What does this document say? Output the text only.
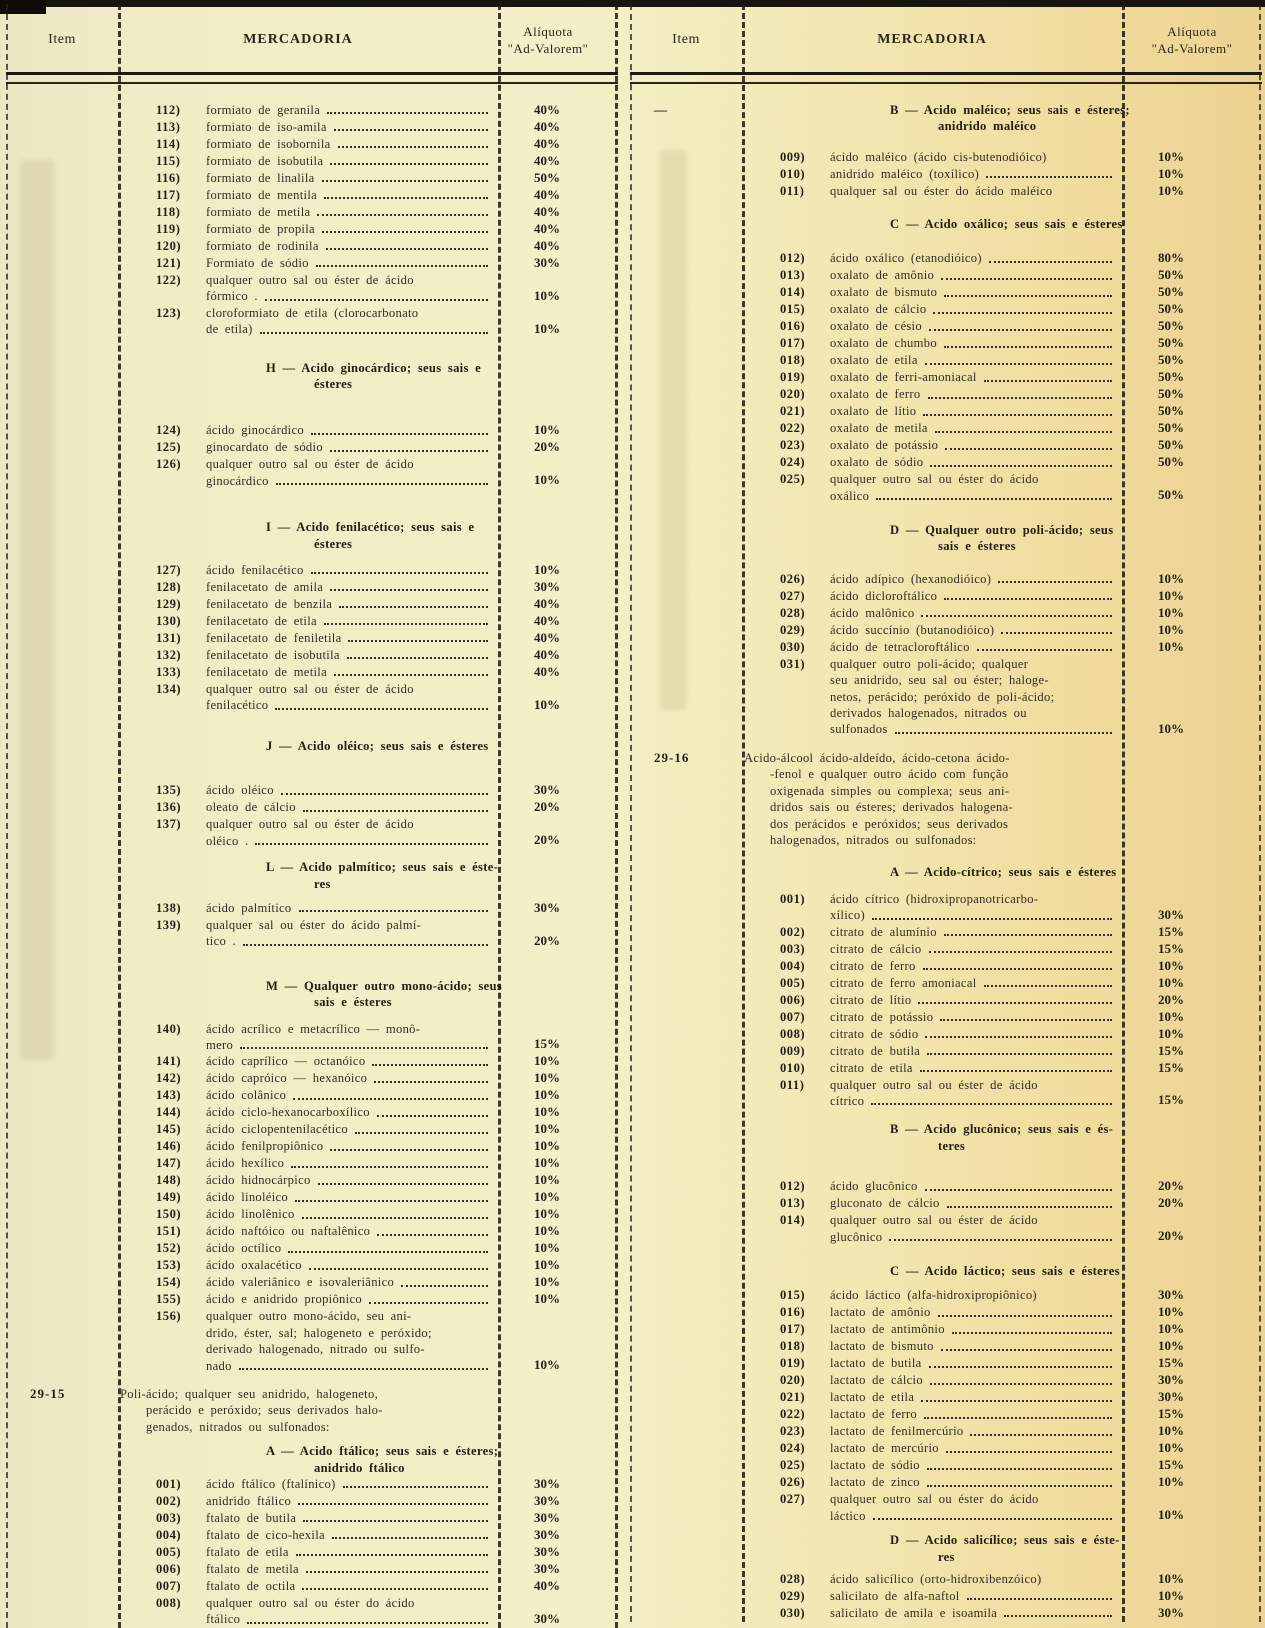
Item	MERCADORIA
Alíquota
"Ad-Valorem"
112)	formiato de geranila	40%
113)	formiato de iso-amila	40%
114)	formiato de isobornila	40%
115)	formiato de isobutila	40%
116)	formiato de linalila	50%
117)	formiato de mentila	40%
118)	formiato de metila	40%
119)	formiato de propila	40%
120)	formiato de rodinila	40%
121)	Formiato de sódio	30%
122)	qualquer outro sal ou éster de ácido
fórmico .	10%
123)	cloroformiato de etila (clorocarbonato
de etila)	10%
H — Acido ginocárdico; seus sais e
ésteres
124)	ácido ginocárdico	10%
125)	ginocardato de sódio	20%
126)	qualquer outro sal ou éster de ácido
ginocárdico	10%
I — Acido fenilacético; seus sais e
ésteres
127)	ácido fenilacético	10%
128)	fenilacetato de amila	30%
129)	fenilacetato de benzila	40%
130)	fenilacetato de etila	40%
131)	fenilacetato de feniletila	40%
132)	fenilacetato de isobutila	40%
133)	fenilacetato de metila	40%
134)	qualquer outro sal ou éster de ácido
fenilacético	10%
J — Acido oléico; seus sais e ésteres
135)	ácido oléico	30%
136)	oleato de cálcio	20%
137)	qualquer outro sal ou éster de ácido
oléico .	20%
L — Acido palmítico; seus sais e éste-
res
138)	ácido palmítico	30%
139)	qualquer sal ou éster do ácido palmí-
tico .	20%
M — Qualquer outro mono-ácido; seus
sais e ésteres
140)	ácido acrílico e metacrílico — monô-
mero	15%
141)	ácido caprílico — octanóico	10%
142)	ácido capróico — hexanóico	10%
143)	ácido colânico	10%
144)	ácido ciclo-hexanocarboxílico	10%
145)	ácido ciclopentenilacético	10%
146)	ácido fenilpropiônico	10%
147)	ácido hexílico	10%
148)	ácido hidnocárpico	10%
149)	ácido linoléico	10%
150)	ácido linolênico	10%
151)	ácido naftóico ou naftalênico	10%
152)	ácido octílico	10%
153)	ácido oxalacético	10%
154)	ácido valeriânico e isovaleriânico	10%
155)	ácido e anidrido propiônico	10%
156)	qualquer outro mono-ácido, seu ani-
drido, éster, sal; halogeneto e peróxido;
derivado halogenado, nitrado ou sulfo-
nado	10%
29-15	Poli-ácido; qualquer seu anidrido, halogeneto,
perácido e peróxido; seus derivados halo-
genados, nitrados ou sulfonados:
A — Acido ftálico; seus sais e ésteres;
anidrido ftálico
001)	ácido ftálico (ftalínico)	30%
002)	anidrido ftálico	30%
003)	ftalato de butila	30%
004)	ftalato de cico-hexila	30%
005)	ftalato de etila	30%
006)	ftalato de metila	30%
007)	ftalato de octila	40%
008)	qualquer outro sal ou éster do ácido
ftálico	30%
Item	MERCADORIA
Alíquota
"Ad-Valorem"
—	B — Acido maléico; seus sais e ésteres;
anidrido maléico
009)	ácido maléico (ácido cis-butenodióico)	10%
010)	anidrido maléico (toxílico)	10%
011)	qualquer sal ou éster do ácido maléico	10%
C — Acido oxálico; seus sais e ésteres
012)	ácido oxálico (etanodióico)	80%
013)	oxalato de amônio	50%
014)	oxalato de bismuto	50%
015)	oxalato de cálcio	50%
016)	oxalato de césio	50%
017)	oxalato de chumbo	50%
018)	oxalato de etila	50%
019)	oxalato de ferri-amoniacal	50%
020)	oxalato de ferro	50%
021)	oxalato de lítio	50%
022)	oxalato de metila	50%
023)	oxalato de potássio	50%
024)	oxalato de sódio	50%
025)	qualquer outro sal ou éster do ácido
oxálico	50%
D — Qualquer outro poli-ácido; seus
sais e ésteres
026)	ácido adípico (hexanodióico)	10%
027)	ácido dicloroftálico	10%
028)	ácido malônico	10%
029)	ácido succínio (butanodióico)	10%
030)	ácido de tetracloroftálico	10%
031)	qualquer outro poli-ácido; qualquer
seu anidrido, seu sal ou éster; haloge-
netos, perácido; peróxido de poli-ácido;
derivados halogenados, nitrados ou
sulfonados	10%
29-16	Acido-álcool ácido-aldeído, ácido-cetona ácido-
-fenol e qualquer outro ácido com função
oxigenada simples ou complexa; seus ani-
dridos sais ou ésteres; derivados halogena-
dos perácidos e peróxidos; seus derivados
halogenados, nitrados ou sulfonados:
A — Acido-cítrico; seus sais e ésteres
001)	ácido cítrico (hidroxipropanotricarbo-
xílico)	30%
002)	citrato de alumínio	15%
003)	citrato de cálcio	15%
004)	citrato de ferro	10%
005)	citrato de ferro amoniacal	10%
006)	citrato de lítio	20%
007)	citrato de potássio	10%
008)	citrato de sódio	10%
009)	citrato de butila	15%
010)	citrato de etila	15%
011)	qualquer outro sal ou éster de ácido
cítrico	15%
B — Acido glucônico; seus sais e és-
teres
012)	ácido glucônico	20%
013)	gluconato de cálcio	20%
014)	qualquer outro sal ou éster de ácido
glucônico	20%
C — Acido láctico; seus sais e ésteres
015)	ácido láctico (alfa-hidroxipropiônico)	30%
016)	lactato de amônio	10%
017)	lactato de antimônio	10%
018)	lactato de bismuto	10%
019)	lactato de butila	15%
020)	lactato de cálcio	30%
021)	lactato de etila	30%
022)	lactato de ferro	15%
023)	lactato de fenilmercúrio	10%
024)	lactato de mercúrio	10%
025)	lactato de sódio	15%
026)	lactato de zinco	10%
027)	qualquer outro sal ou éster do ácido
láctico	10%
D — Acido salicílico; seus sais e éste-
res
028)	ácido salicílico (orto-hidroxibenzóico)	10%
029)	salicilato de alfa-naftol	10%
030)	salicilato de amila e isoamila	30%
